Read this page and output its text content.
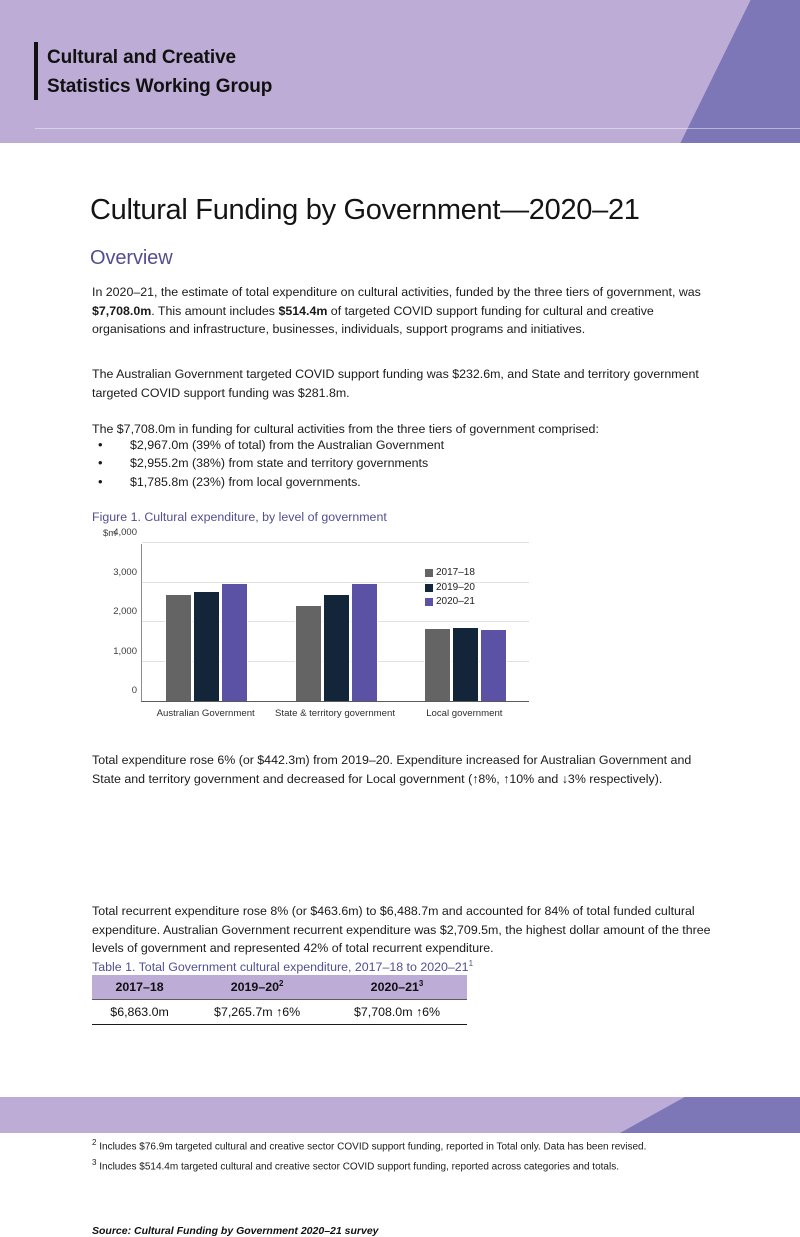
Cultural and Creative
Statistics Working Group
Cultural Funding by Government—2020–21
Overview

In 2020–21, the estimate of total expenditure on cultural activities, funded by the three tiers of government, was $7,708.0m. This amount includes $514.4m of targeted COVID support funding for cultural and creative organisations and infrastructure, businesses, individuals, support programs and initiatives.

The Australian Government targeted COVID support funding was $232.6m, and State and territory government targeted COVID support funding was $281.8m.

The $7,708.0m in funding for cultural activities from the three tiers of government comprised:

• $2,967.0m (39% of total) from the Australian Government
• $2,955.2m (38%) from state and territory governments
• $1,785.8m (23%) from local governments.
Figure 1. Cultural expenditure, by level of government
$m
0
1,000
2,000
3,000
4,000
Australian Government State & territory government	Local government
2017–18
2019–20
2020–21

Total expenditure rose 6% (or $442.3m) from 2019–20. Expenditure increased for Australian Government and State and territory government and decreased for Local government (↑8%, ↑10% and ↓3% respectively).

Table 1. Total Government cultural expenditure, 2017–18 to $2020-21^1$
2017–18	$2019-20^2$	$2020-21^3$
$6,863.0m	$7,265.7m ↑6%	$7,708.0m ↑6%

Total recurrent expenditure rose 8% (or $463.6m) to $6,488.7m and accounted for 84% of total funded cultural expenditure. Australian Government recurrent expenditure was $2,709.5m, the highest dollar amount of the three levels of government and represented 42% of total recurrent expenditure.

$^2$ Includes $76.9m targeted cultural and creative sector COVID support funding, reported in Total only. Data has been revised.
$^3$ Includes $514.4m targeted cultural and creative sector COVID support funding, reported across categories and totals.
Source: Cultural Funding by Government 2020–21 survey
